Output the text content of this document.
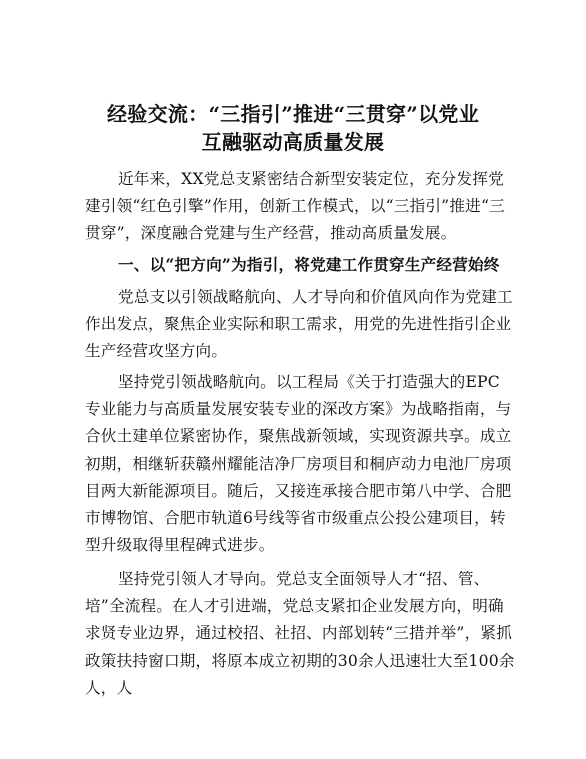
经验交流：“三指引”推进“三贯穿”以党业
互融驱动高质量发展
近年来，XX党总支紧密结合新型安装定位，充分发挥党建引领“红色引擎”作用，创新工作模式，以“三指引”推进“三贯穿”，深度融合党建与生产经营，推动高质量发展。
一、以“把方向”为指引，将党建工作贯穿生产经营始终
党总支以引领战略航向、人才导向和价值风向作为党建工作出发点，聚焦企业实际和职工需求，用党的先进性指引企业生产经营攻坚方向。
坚持党引领战略航向。以工程局《关于打造强大的EPC专业能力与高质量发展安装专业的深改方案》为战略指南，与合伙土建单位紧密协作，聚焦战新领域，实现资源共享。成立初期，相继斩获赣州耀能洁净厂房项目和桐庐动力电池厂房项目两大新能源项目。随后，又接连承接合肥市第八中学、合肥市博物馆、合肥市轨道6号线等省市级重点公投公建项目，转型升级取得里程碑式进步。
坚持党引领人才导向。党总支全面领导人才“招、管、培”全流程。在人才引进端，党总支紧扣企业发展方向，明确求贤专业边界，通过校招、社招、内部划转“三措并举”，紧抓政策扶持窗口期，将原本成立初期的30余人迅速壮大至100余人，人
